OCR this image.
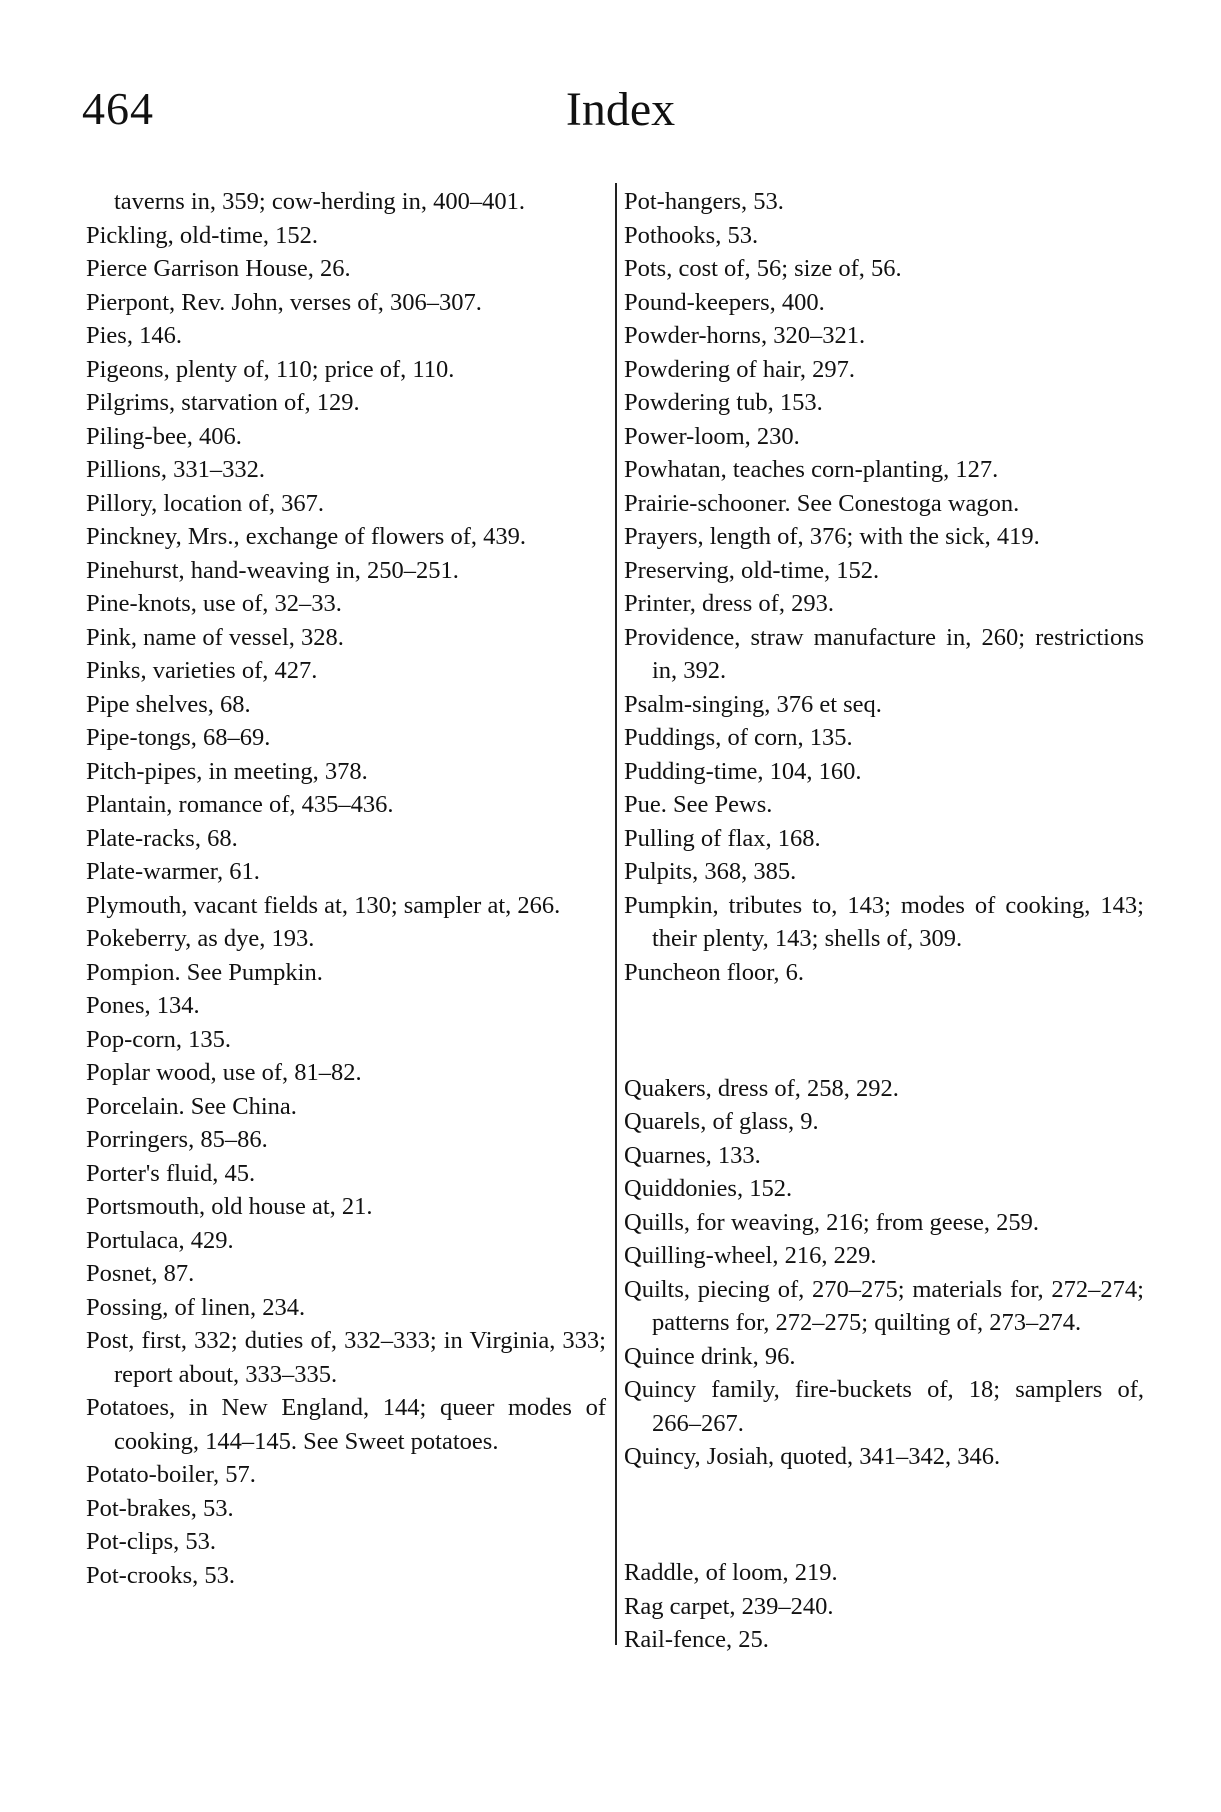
464	Index

taverns in, 359; cow-herding in, 400–401.

Pickling, old-time, 152.

Pierce Garrison House, 26.

Pierpont, Rev. John, verses of, 306–307.

Pies, 146.

Pigeons, plenty of, 110; price of, 110.

Pilgrims, starvation of, 129.

Piling-bee, 406.

Pillions, 331–332.

Pillory, location of, 367.

Pinckney, Mrs., exchange of flowers of, 439.

Pinehurst, hand-weaving in, 250–251.

Pine-knots, use of, 32–33.

Pink, name of vessel, 328.

Pinks, varieties of, 427.

Pipe shelves, 68.

Pipe-tongs, 68–69.

Pitch-pipes, in meeting, 378.

Plantain, romance of, 435–436.

Plate-racks, 68.

Plate-warmer, 61.

Plymouth, vacant fields at, 130; sampler at, 266.

Pokeberry, as dye, 193.

Pompion. See Pumpkin.

Pones, 134.

Pop-corn, 135.

Poplar wood, use of, 81–82.

Porcelain. See China.

Porringers, 85–86.

Porter's fluid, 45.

Portsmouth, old house at, 21.

Portulaca, 429.

Posnet, 87.

Possing, of linen, 234.

Post, first, 332; duties of, 332–333; in Virginia, 333; report about, 333–335.

Potatoes, in New England, 144; queer modes of cooking, 144–145. See Sweet potatoes.

Potato-boiler, 57.

Pot-brakes, 53.

Pot-clips, 53.

Pot-crooks, 53.

Pot-hangers, 53.

Pothooks, 53.

Pots, cost of, 56; size of, 56.

Pound-keepers, 400.

Powder-horns, 320–321.

Powdering of hair, 297.

Powdering tub, 153.

Power-loom, 230.

Powhatan, teaches corn-planting, 127.

Prairie-schooner. See Conestoga wagon.

Prayers, length of, 376; with the sick, 419.

Preserving, old-time, 152.

Printer, dress of, 293.

Providence, straw manufacture in, 260; restrictions in, 392.

Psalm-singing, 376 et seq.

Puddings, of corn, 135.

Pudding-time, 104, 160.

Pue. See Pews.

Pulling of flax, 168.

Pulpits, 368, 385.

Pumpkin, tributes to, 143; modes of cooking, 143; their plenty, 143; shells of, 309.

Puncheon floor, 6.

Quakers, dress of, 258, 292.

Quarels, of glass, 9.

Quarnes, 133.

Quiddonies, 152.

Quills, for weaving, 216; from geese, 259.

Quilling-wheel, 216, 229.

Quilts, piecing of, 270–275; materials for, 272–274; patterns for, 272–275; quilting of, 273–274.

Quince drink, 96.

Quincy family, fire-buckets of, 18; samplers of, 266–267.

Quincy, Josiah, quoted, 341–342, 346.

Raddle, of loom, 219.

Rag carpet, 239–240.

Rail-fence, 25.
